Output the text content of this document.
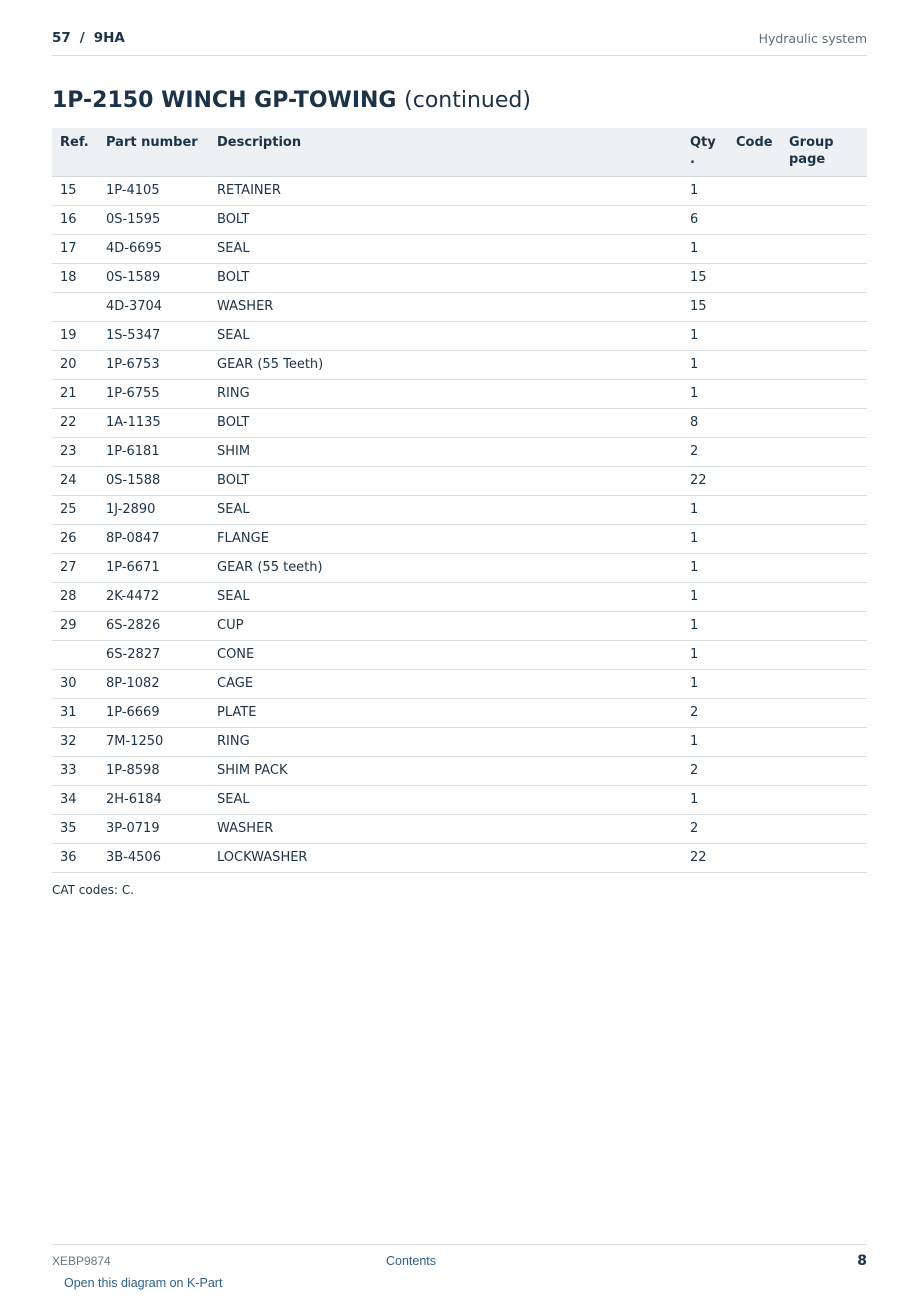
57 / 9HA	Hydraulic system
1P-2150 WINCH GP-TOWING (continued)
Ref.	Part number	Description	Qty .	Code	Group page
15	1P-4105	RETAINER	1		
16	0S-1595	BOLT	6		
17	4D-6695	SEAL	1		
18	0S-1589	BOLT	15		
	4D-3704	WASHER	15		
19	1S-5347	SEAL	1		
20	1P-6753	GEAR (55 Teeth)	1		
21	1P-6755	RING	1		
22	1A-1135	BOLT	8		
23	1P-6181	SHIM	2		
24	0S-1588	BOLT	22		
25	1J-2890	SEAL	1		
26	8P-0847	FLANGE	1		
27	1P-6671	GEAR (55 teeth)	1		
28	2K-4472	SEAL	1		
29	6S-2826	CUP	1		
	6S-2827	CONE	1		
30	8P-1082	CAGE	1		
31	1P-6669	PLATE	2		
32	7M-1250	RING	1		
33	1P-8598	SHIM PACK	2		
34	2H-6184	SEAL	1		
35	3P-0719	WASHER	2		
36	3B-4506	LOCKWASHER	22		
CAT codes: C.
XEBP9874	Contents	8
Open this diagram on K-Part
